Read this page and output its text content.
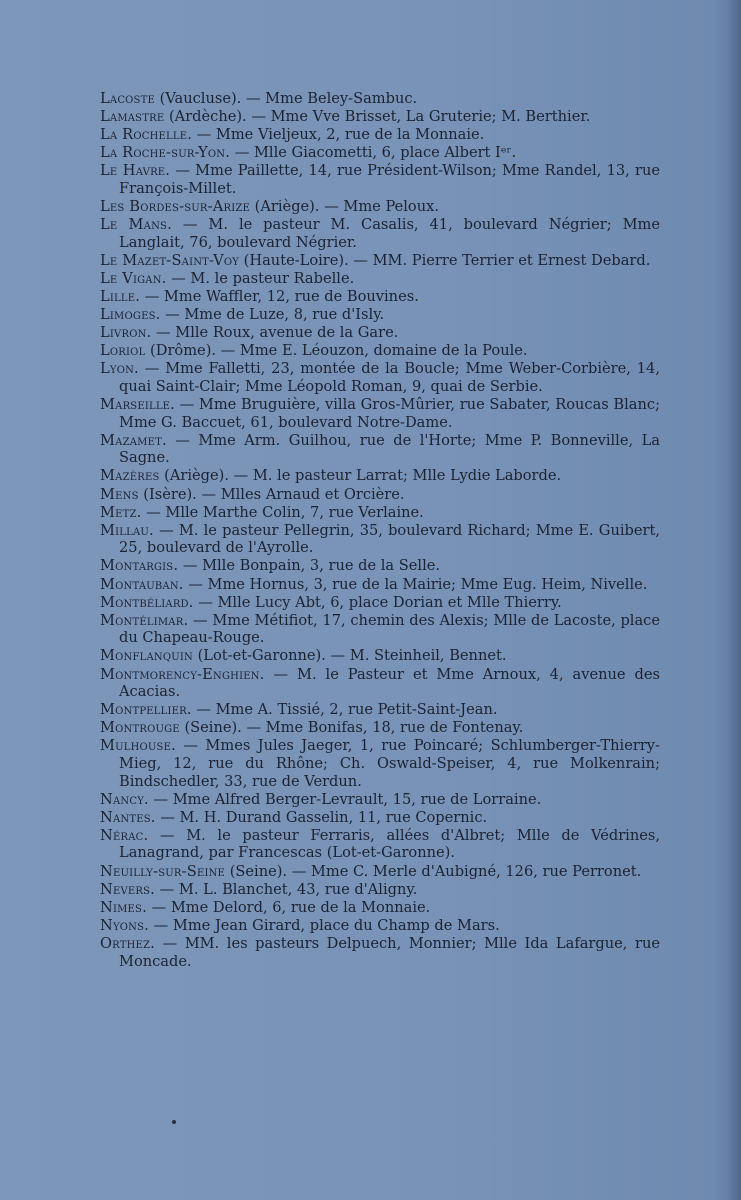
Lacoste (Vaucluse). — Mme Beley-Sambuc.

Lamastre (Ardèche). — Mme Vve Brisset, La Gruterie; M. Berthier.

La Rochelle. — Mme Vieljeux, 2, rue de la Monnaie.

La Roche-sur-Yon. — Mlle Giacometti, 6, place Albert Iᵉʳ.

Le Havre. — Mme Paillette, 14, rue Président-Wilson; Mme Randel, 13, rue François-Millet.

Les Bordes-sur-Arize (Ariège). — Mme Peloux.

Le Mans. — M. le pasteur M. Casalis, 41, boulevard Négrier; Mme Langlait, 76, boulevard Négrier.

Le Mazet-Saint-Voy (Haute-Loire). — MM. Pierre Terrier et Ernest Debard.

Le Vigan. — M. le pasteur Rabelle.

Lille. — Mme Waffler, 12, rue de Bouvines.

Limoges. — Mme de Luze, 8, rue d'Isly.

Livron. — Mlle Roux, avenue de la Gare.

Loriol (Drôme). — Mme E. Léouzon, domaine de la Poule.

Lyon. — Mme Falletti, 23, montée de la Boucle; Mme Weber-Corbière, 14, quai Saint-Clair; Mme Léopold Roman, 9, quai de Serbie.

Marseille. — Mme Bruguière, villa Gros-Mûrier, rue Sabater, Roucas Blanc; Mme G. Baccuet, 61, boulevard Notre-Dame.

Mazamet. — Mme Arm. Guilhou, rue de l'Horte; Mme P. Bonneville, La Sagne.

Mazères (Ariège). — M. le pasteur Larrat; Mlle Lydie Laborde.

Mens (Isère). — Mlles Arnaud et Orcière.

Metz. — Mlle Marthe Colin, 7, rue Verlaine.

Millau. — M. le pasteur Pellegrin, 35, boulevard Richard; Mme E. Guibert, 25, boulevard de l'Ayrolle.

Montargis. — Mlle Bonpain, 3, rue de la Selle.

Montauban. — Mme Hornus, 3, rue de la Mairie; Mme Eug. Heim, Nivelle.

Montbéliard. — Mlle Lucy Abt, 6, place Dorian et Mlle Thierry.

Montélimar. — Mme Métifiot, 17, chemin des Alexis; Mlle de Lacoste, place du Chapeau-Rouge.

Monflanquin (Lot-et-Garonne). — M. Steinheil, Bennet.

Montmorency-Enghien. — M. le Pasteur et Mme Arnoux, 4, avenue des Acacias.

Montpellier. — Mme A. Tissié, 2, rue Petit-Saint-Jean.

Montrouge (Seine). — Mme Bonifas, 18, rue de Fontenay.

Mulhouse. — Mmes Jules Jaeger, 1, rue Poincaré; Schlumberger-Thierry-Mieg, 12, rue du Rhône; Ch. Oswald-Speiser, 4, rue Molkenrain; Bindschedler, 33, rue de Verdun.

Nancy. — Mme Alfred Berger-Levrault, 15, rue de Lorraine.

Nantes. — M. H. Durand Gasselin, 11, rue Copernic.

Nérac. — M. le pasteur Ferraris, allées d'Albret; Mlle de Védrines, Lanagrand, par Francescas (Lot-et-Garonne).

Neuilly-sur-Seine (Seine). — Mme C. Merle d'Aubigné, 126, rue Perronet.

Nevers. — M. L. Blanchet, 43, rue d'Aligny.

Nimes. — Mme Delord, 6, rue de la Monnaie.

Nyons. — Mme Jean Girard, place du Champ de Mars.

Orthez. — MM. les pasteurs Delpuech, Monnier; Mlle Ida Lafargue, rue Moncade.
